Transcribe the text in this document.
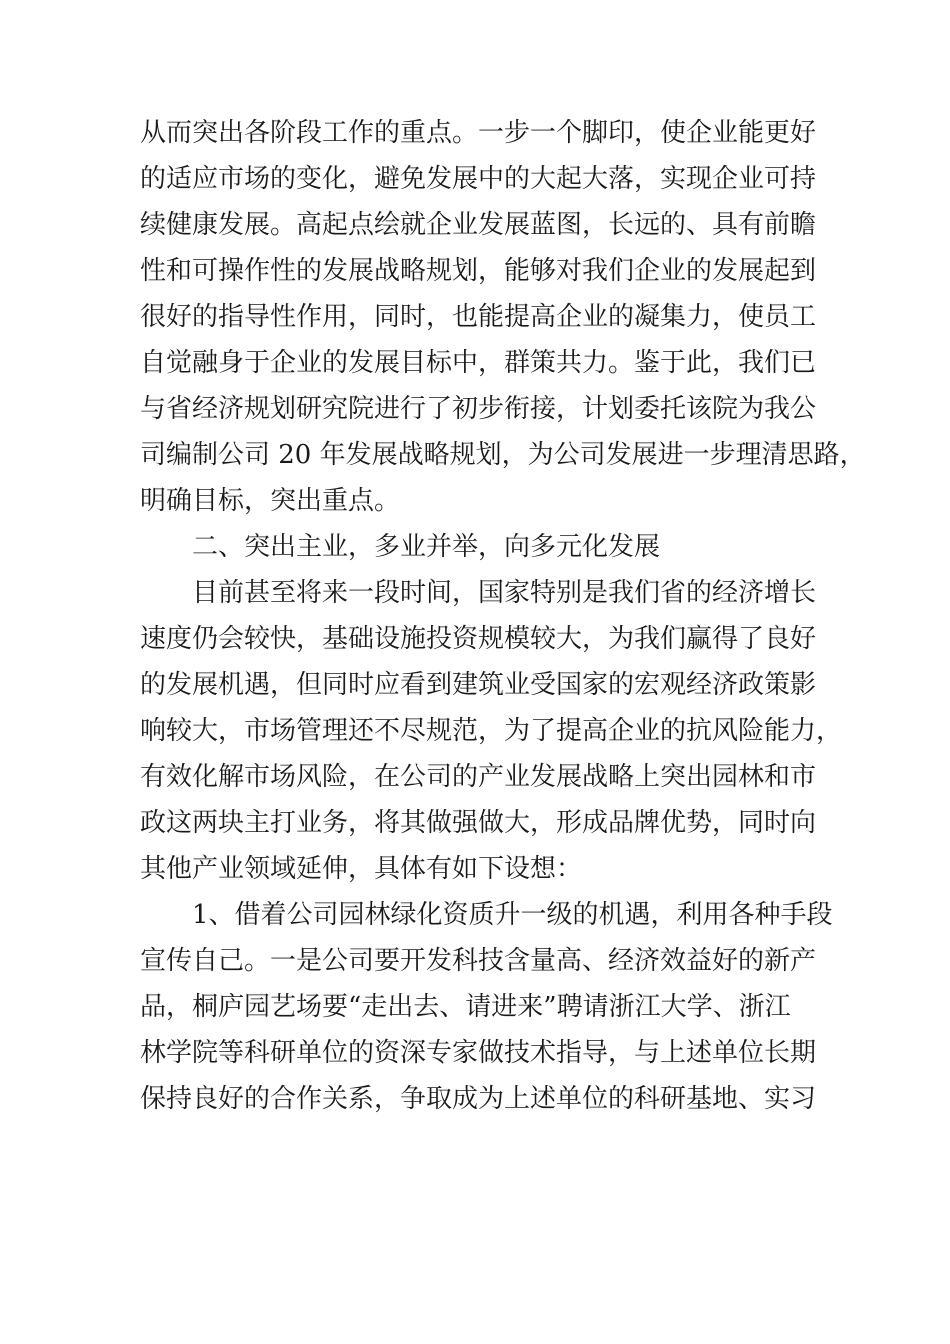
从而突出各阶段工作的重点。一步一个脚印，使企业能更好
的适应市场的变化，避免发展中的大起大落，实现企业可持
续健康发展。高起点绘就企业发展蓝图，长远的、具有前瞻
性和可操作性的发展战略规划，能够对我们企业的发展起到
很好的指导性作用，同时，也能提高企业的凝集力，使员工
自觉融身于企业的发展目标中，群策共力。鉴于此，我们已
与省经济规划研究院进行了初步衔接，计划委托该院为我公
司编制公司 20 年发展战略规划，为公司发展进一步理清思路，
明确目标，突出重点。
二、突出主业，多业并举，向多元化发展
目前甚至将来一段时间，国家特别是我们省的经济增长
速度仍会较快，基础设施投资规模较大，为我们赢得了良好
的发展机遇，但同时应看到建筑业受国家的宏观经济政策影
响较大，市场管理还不尽规范，为了提高企业的抗风险能力，
有效化解市场风险，在公司的产业发展战略上突出园林和市
政这两块主打业务，将其做强做大，形成品牌优势，同时向
其他产业领域延伸，具体有如下设想：
1、借着公司园林绿化资质升一级的机遇，利用各种手段
宣传自己。一是公司要开发科技含量高、经济效益好的新产
品，桐庐园艺场要“走出去、请进来”聘请浙江大学、浙江
林学院等科研单位的资深专家做技术指导，与上述单位长期
保持良好的合作关系，争取成为上述单位的科研基地、实习
